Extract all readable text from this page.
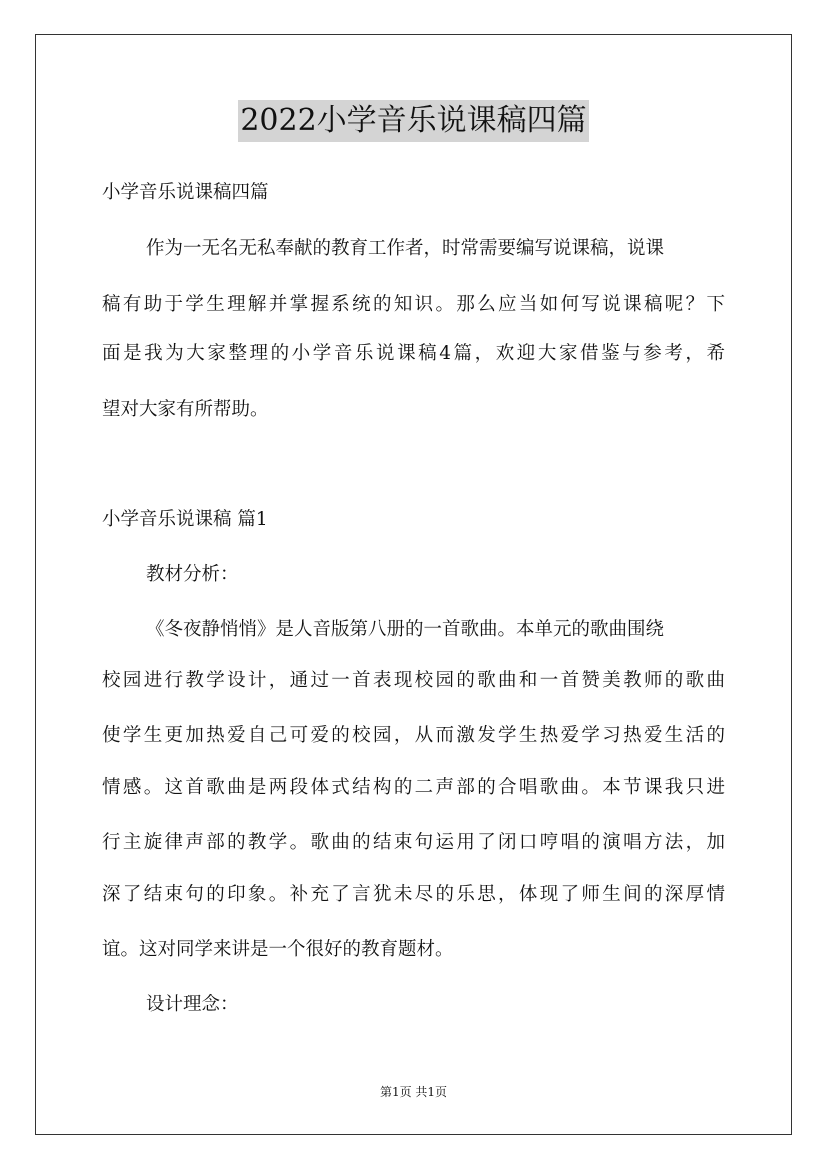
2022小学音乐说课稿四篇
小学音乐说课稿四篇
作为一无名无私奉献的教育工作者，时常需要编写说课稿，说课
稿有助于学生理解并掌握系统的知识。那么应当如何写说课稿呢？下
面是我为大家整理的小学音乐说课稿4篇，欢迎大家借鉴与参考，希
望对大家有所帮助。
小学音乐说课稿 篇1
教材分析：
《冬夜静悄悄》是人音版第八册的一首歌曲。本单元的歌曲围绕
校园进行教学设计，通过一首表现校园的歌曲和一首赞美教师的歌曲
使学生更加热爱自己可爱的校园，从而激发学生热爱学习热爱生活的
情感。这首歌曲是两段体式结构的二声部的合唱歌曲。本节课我只进
行主旋律声部的教学。歌曲的结束句运用了闭口哼唱的演唱方法，加
深了结束句的印象。补充了言犹未尽的乐思，体现了师生间的深厚情
谊。这对同学来讲是一个很好的教育题材。
设计理念：
第1页 共1页
